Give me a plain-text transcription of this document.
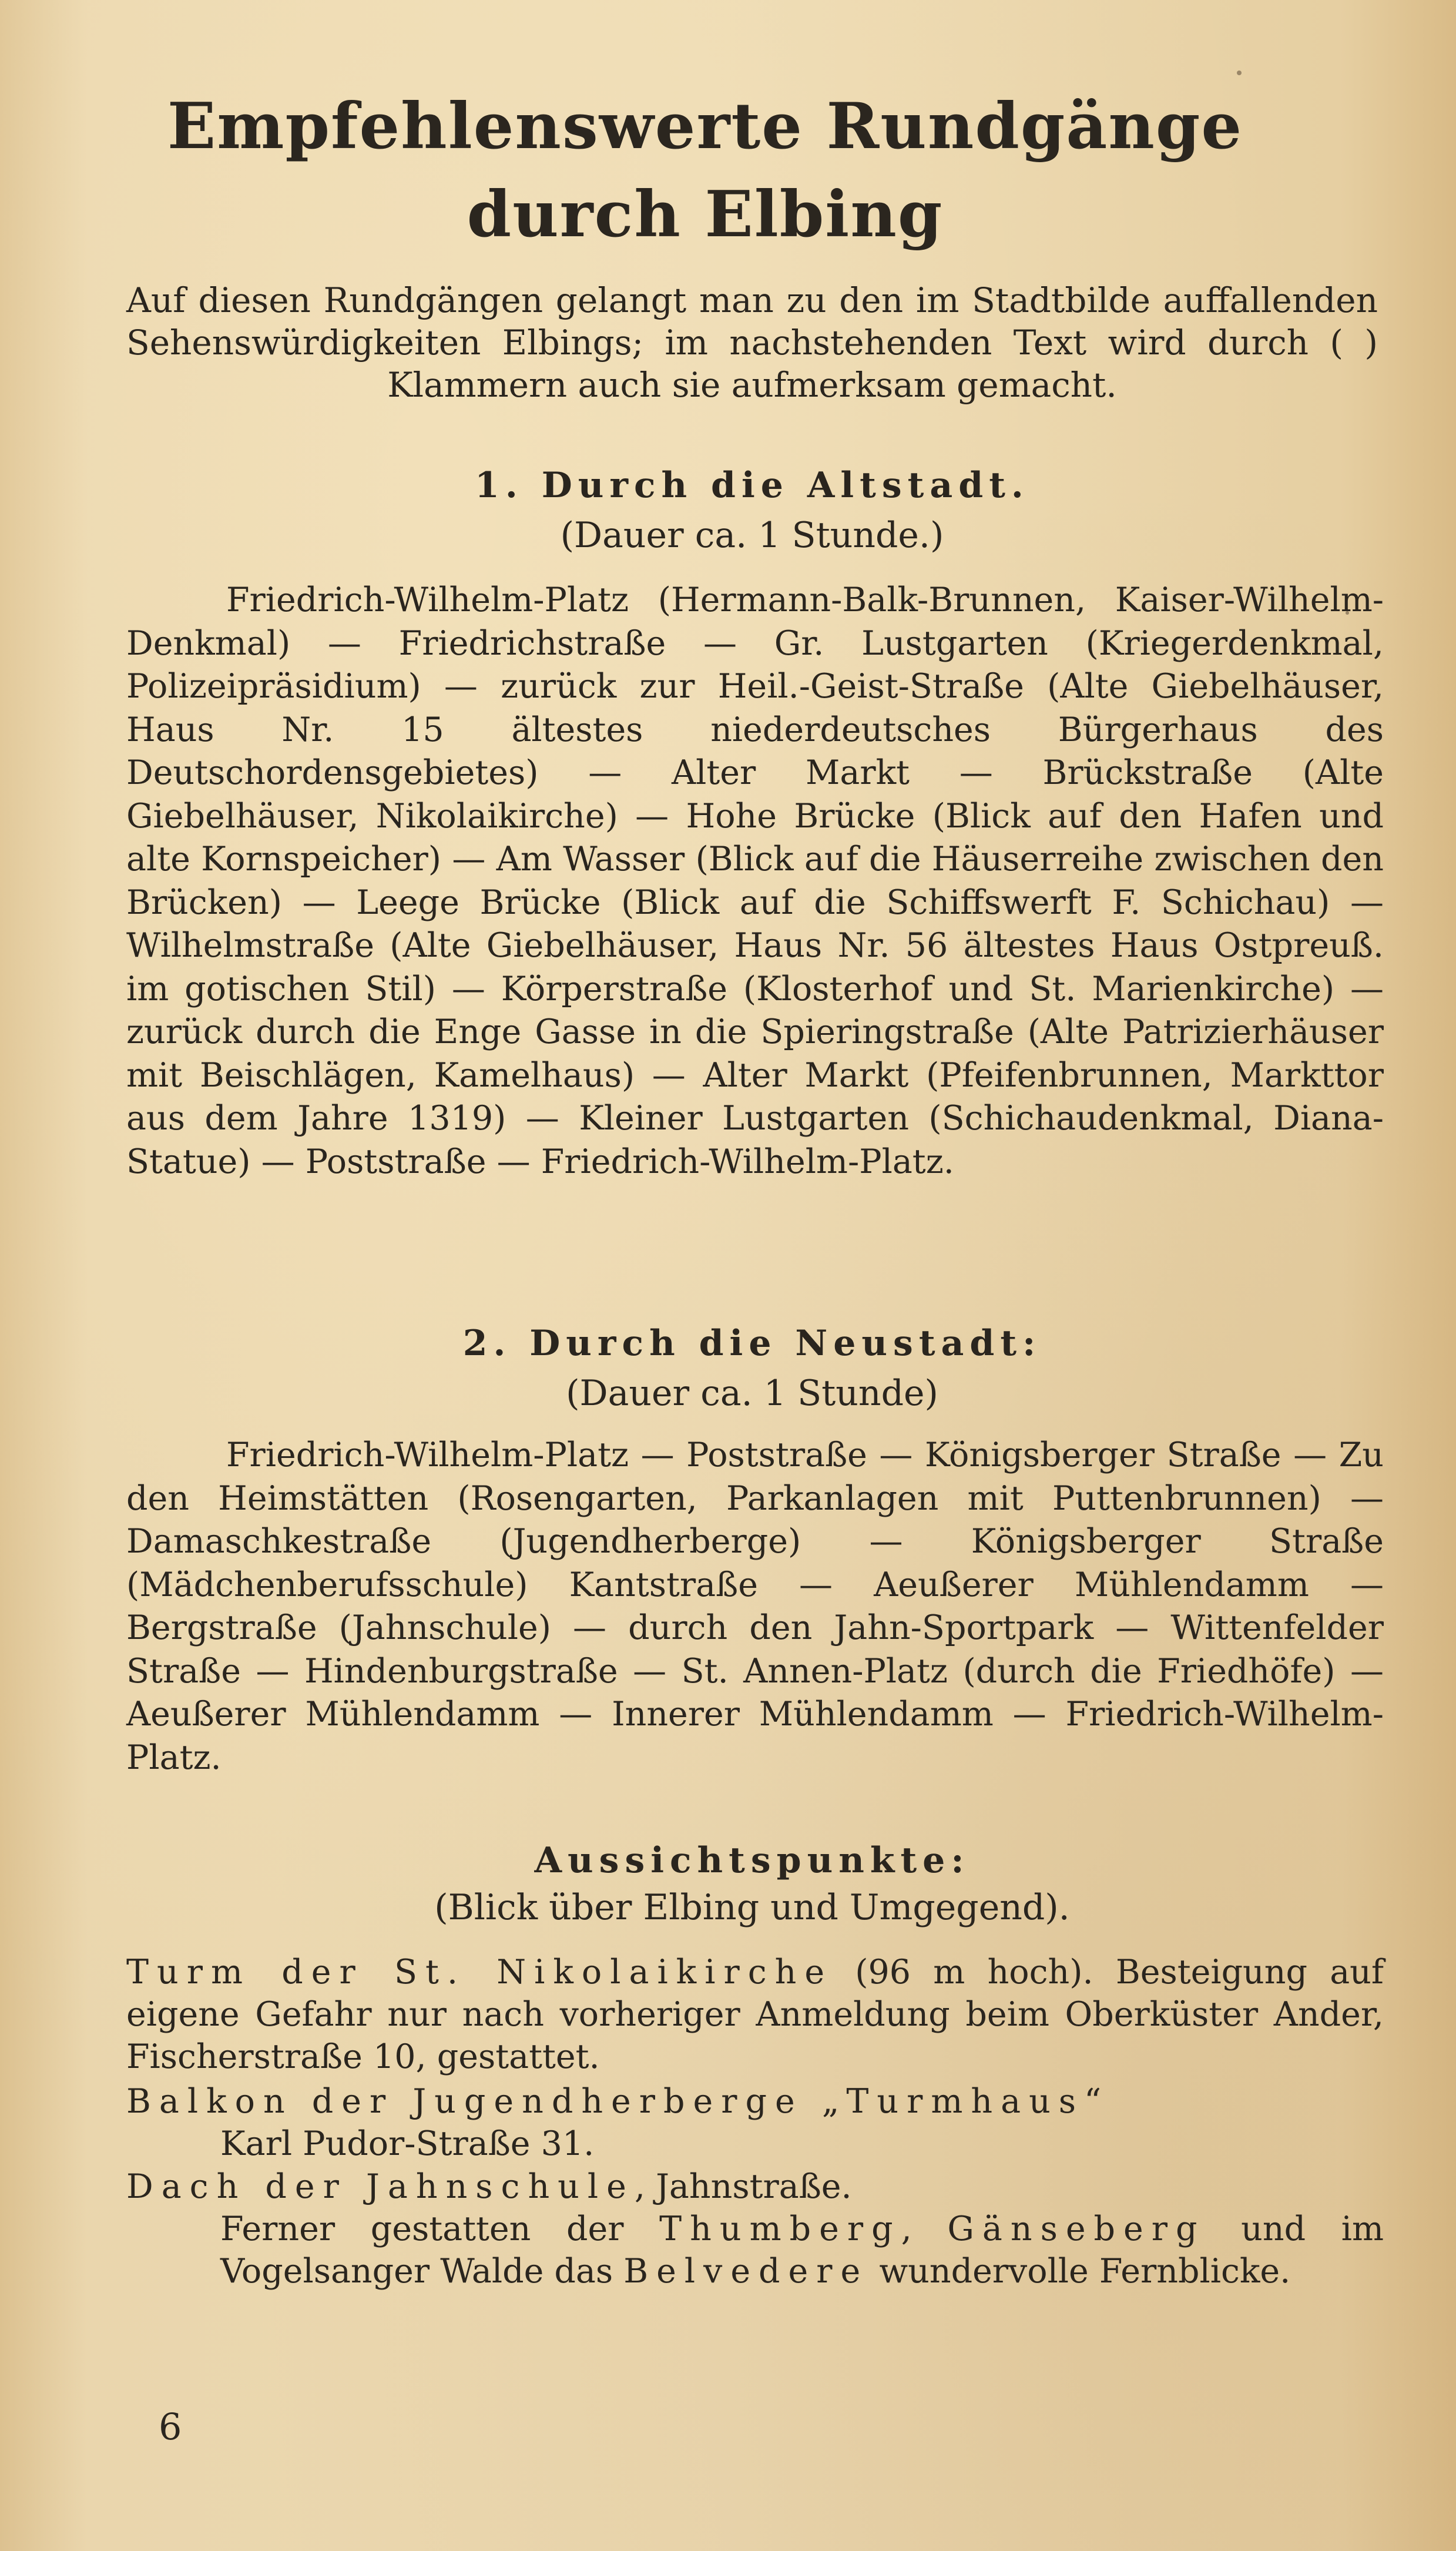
Empfehlenswerte Rundgänge
durch Elbing

Auf diesen Rundgängen gelangt man zu den im Stadtbilde auffallenden Sehenswürdigkeiten Elbings; im nachstehenden Text wird durch ( ) Klammern auch sie aufmerksam gemacht.

1. Durch die Altstadt.

(Dauer ca. 1 Stunde.)

Friedrich-Wilhelm-Platz (Hermann-Balk-Brunnen, Kaiser-Wilhelm-Denkmal) — Friedrichstraße — Gr. Lustgarten (Kriegerdenkmal, Polizeipräsidium) — zurück zur Heil.-Geist-Straße (Alte Giebelhäuser, Haus Nr. 15 ältestes niederdeutsches Bürgerhaus des Deutschordensgebietes) — Alter Markt — Brückstraße (Alte Giebelhäuser, Nikolaikirche) — Hohe Brücke (Blick auf den Hafen und alte Kornspeicher) — Am Wasser (Blick auf die Häuserreihe zwischen den Brücken) — Leege Brücke (Blick auf die Schiffswerft F. Schichau) — Wilhelmstraße (Alte Giebelhäuser, Haus Nr. 56 ältestes Haus Ostpreuß. im gotischen Stil) — Körperstraße (Klosterhof und St. Marienkirche) — zurück durch die Enge Gasse in die Spieringstraße (Alte Patrizierhäuser mit Beischlägen, Kamelhaus) — Alter Markt (Pfeifenbrunnen, Markttor aus dem Jahre 1319) — Kleiner Lustgarten (Schichaudenkmal, Diana-Statue) — Poststraße — Friedrich-Wilhelm-Platz.

2. Durch die Neustadt:

(Dauer ca. 1 Stunde)

Friedrich-Wilhelm-Platz — Poststraße — Königsberger Straße — Zu den Heimstätten (Rosengarten, Parkanlagen mit Puttenbrunnen) — Damaschkestraße (Jugendherberge) — Königsberger Straße (Mädchenberufsschule) Kantstraße — Aeußerer Mühlendamm — Bergstraße (Jahnschule) — durch den Jahn-Sportpark — Wittenfelder Straße — Hindenburgstraße — St. Annen-Platz (durch die Friedhöfe) — Aeußerer Mühlendamm — Innerer Mühlendamm — Friedrich-Wilhelm-Platz.

Aussichtspunkte:

(Blick über Elbing und Umgegend).

Turm der St. Nikolaikirche (96 m hoch). Besteigung auf eigene Gefahr nur nach vorheriger Anmeldung beim Oberküster Ander, Fischerstraße 10, gestattet.

Balkon der Jugendherberge „Turmhaus“
Karl Pudor-Straße 31.

Dach der Jahnschule, Jahnstraße.

Ferner gestatten der Thumberg, Gänseberg und im Vogelsanger Walde das Belvedere wundervolle Fernblicke.

6
